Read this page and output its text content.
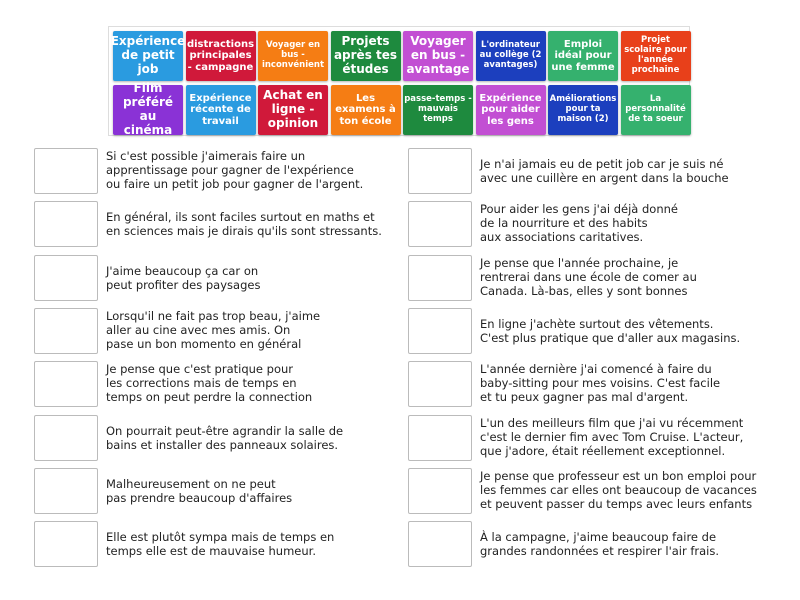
Expérience de petit job
distractions principales - campagne
Voyager en bus - inconvénient
Projets après tes études
Voyager en bus - avantage
L'ordinateur au collège (2 avantages)
Emploi idéal pour une femme
Projet scolaire pour l'année prochaine
Film préféré au cinéma
Expérience récente de travail
Achat en ligne - opinion
Les examens à ton école
passe-temps - mauvais temps
Expérience pour aider les gens
Améliorations pour ta maison (2)
La personnalité de ta soeur
Si c'est possible j'aimerais faire un
apprentissage pour gagner de l'expérience
ou faire un petit job pour gagner de l'argent.
En général, ils sont faciles surtout en maths et
en sciences mais je dirais qu'ils sont stressants.
J'aime beaucoup ça car on
peut profiter des paysages
Lorsqu'il ne fait pas trop beau, j'aime
aller au cine avec mes amis. On
pase un bon momento en général
Je pense que c'est pratique pour
les corrections mais de temps en
temps on peut perdre la connection
On pourrait peut-être agrandir la salle de
bains et installer des panneaux solaires.
Malheureusement on ne peut
pas prendre beaucoup d'affaires
Elle est plutôt sympa mais de temps en
temps elle est de mauvaise humeur.
Je n'ai jamais eu de petit job car je suis né
avec une cuillère en argent dans la bouche
Pour aider les gens j'ai déjà donné
de la nourriture et des habits
aux associations caritatives.
Je pense que l'année prochaine, je
rentrerai dans une école de comer au
Canada. Là-bas, elles y sont bonnes
En ligne j'achète surtout des vêtements.
C'est plus pratique que d'aller aux magasins.
L'année dernière j'ai comencé à faire du
baby-sitting pour mes voisins. C'est facile
et tu peux gagner pas mal d'argent.
L'un des meilleurs film que j'ai vu récemment
c'est le dernier fim avec Tom Cruise. L'acteur,
que j'adore, était réellement exceptionnel.
Je pense que professeur est un bon emploi pour
les femmes car elles ont beaucoup de vacances
et peuvent passer du temps avec leurs enfants
À la campagne, j'aime beaucoup faire de
grandes randonnées et respirer l'air frais.
